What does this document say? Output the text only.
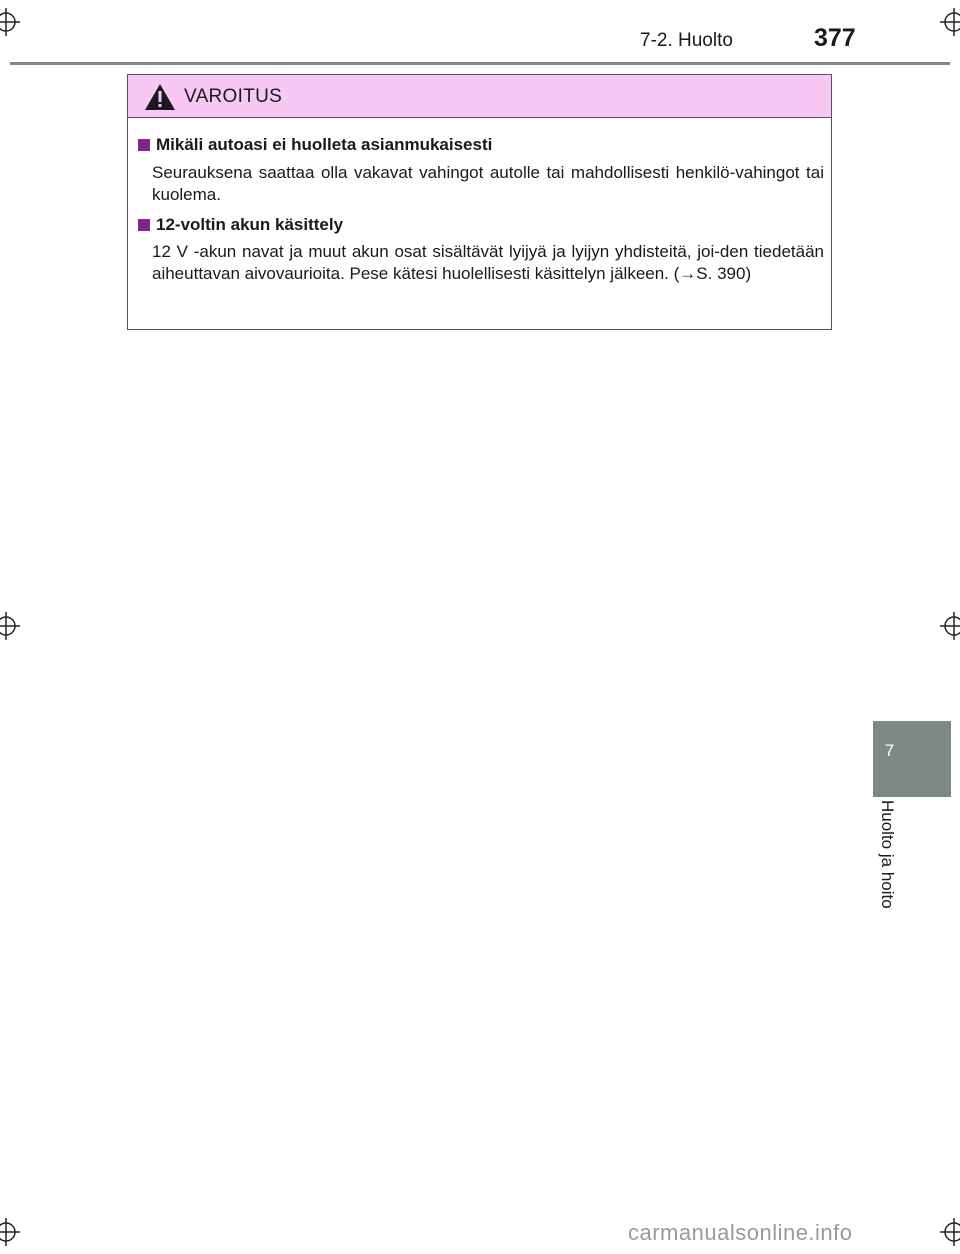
7-2. Huolto	377
VAROITUS
Mikäli autoasi ei huolleta asianmukaisesti
Seurauksena saattaa olla vakavat vahingot autolle tai mahdollisesti henkilö-vahingot tai kuolema.
12-voltin akun käsittely
12 V -akun navat ja muut akun osat sisältävät lyijyä ja lyijyn yhdisteitä, joi-den tiedetään aiheuttavan aivovaurioita. Pese kätesi huolellisesti käsittelyn jälkeen. (→S. 390)
7
Huolto ja hoito
carmanualsonline.info
